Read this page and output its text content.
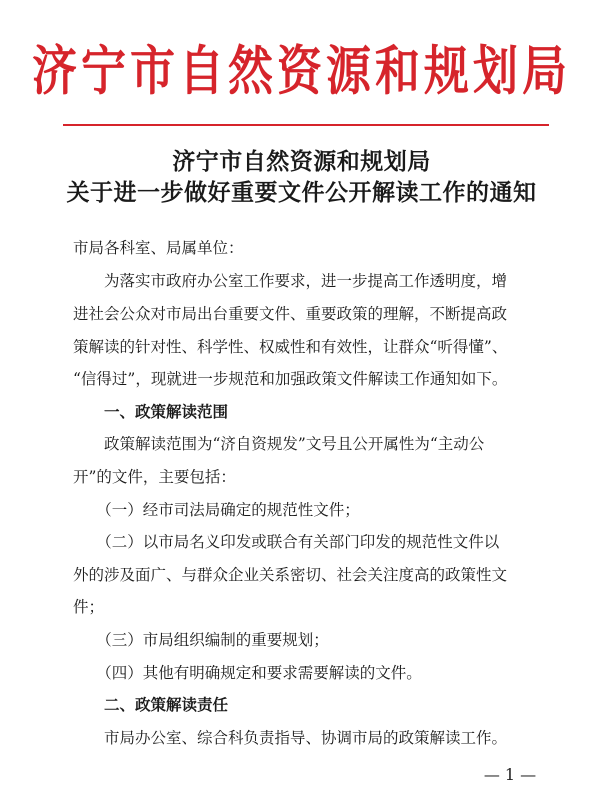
济宁市自然资源和规划局
济宁市自然资源和规划局
关于进一步做好重要文件公开解读工作的通知
市局各科室、局属单位：
　　为落实市政府办公室工作要求，进一步提高工作透明度，增
进社会公众对市局出台重要文件、重要政策的理解，不断提高政
策解读的针对性、科学性、权威性和有效性，让群众“听得懂”、
“信得过”，现就进一步规范和加强政策文件解读工作通知如下。
　　一、政策解读范围
　　政策解读范围为“济自资规发”文号且公开属性为“主动公
开”的文件，主要包括：
　　（一）经市司法局确定的规范性文件；
　　（二）以市局名义印发或联合有关部门印发的规范性文件以
外的涉及面广、与群众企业关系密切、社会关注度高的政策性文
件；
　　（三）市局组织编制的重要规划；
　　（四）其他有明确规定和要求需要解读的文件。
　　二、政策解读责任
　　市局办公室、综合科负责指导、协调市局的政策解读工作。
— 1 —
